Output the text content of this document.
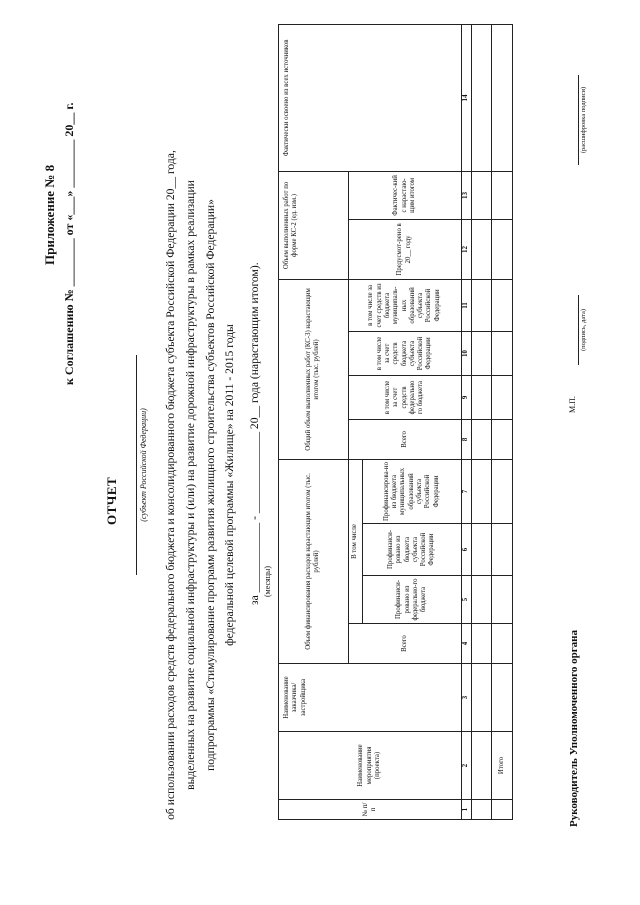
Приложение № 8 к Соглашению № ________ от «___» ________ 20__ г.
ОТЧЕТ	(субъект Российской Федерации) об использовании расходов средств федерального бюджета и консолидированного бюджета субъекта Российской Федерации 20__ года, выделенных на развитие социальной инфраструктуры и (или) на развитие дорожной инфраструктуры в рамках реализации подпрограммы «Стимулирование программ развития жилищного строительства субъектов Российской Федерации» федеральной целевой программы «Жилище» на 2011 - 2015 годы за ____________ - ______________ 20__ года (нарастающим итогом). (месяцы)
№ п/п	Наименование мероприятия (проекта)	Наименование заказчика/ застройщика	Объем финансирования расходов нарастающим итогом (тыс. рублей)				Общий объем выполненных работ (КС-3) нарастающим итогом (тыс. рублей)				Объем выполненных работ по форме КС-2 (ед. изм.)		Фактически освоено из всех источников
			Всего	В том числе			Всего	в том числе за счет средств федерально го бюджета	в том числе за счет средств бюджета субъекта Российской Федерации	в том числе за счет средств из бюджета муниципаль-ных образований субъекта Российской Федерации	Предусмот-рено в 20__ году	Фактичес-кий с нарастаю-щим итогом	
				Профинанси-ровано из федерально-го бюджета	Профинанси-ровано из бюджета субъекта Российской Федерации	Профинансирова-но из бюджета муниципальных образований субъекта Российской Федерации							
1	2	3	4	5	6	7	8	9	10	11	12	13	14

	Итого													Руководитель Уполномоченного органа
М.П.
(подпись, дата)
(расшифровка подписи)
